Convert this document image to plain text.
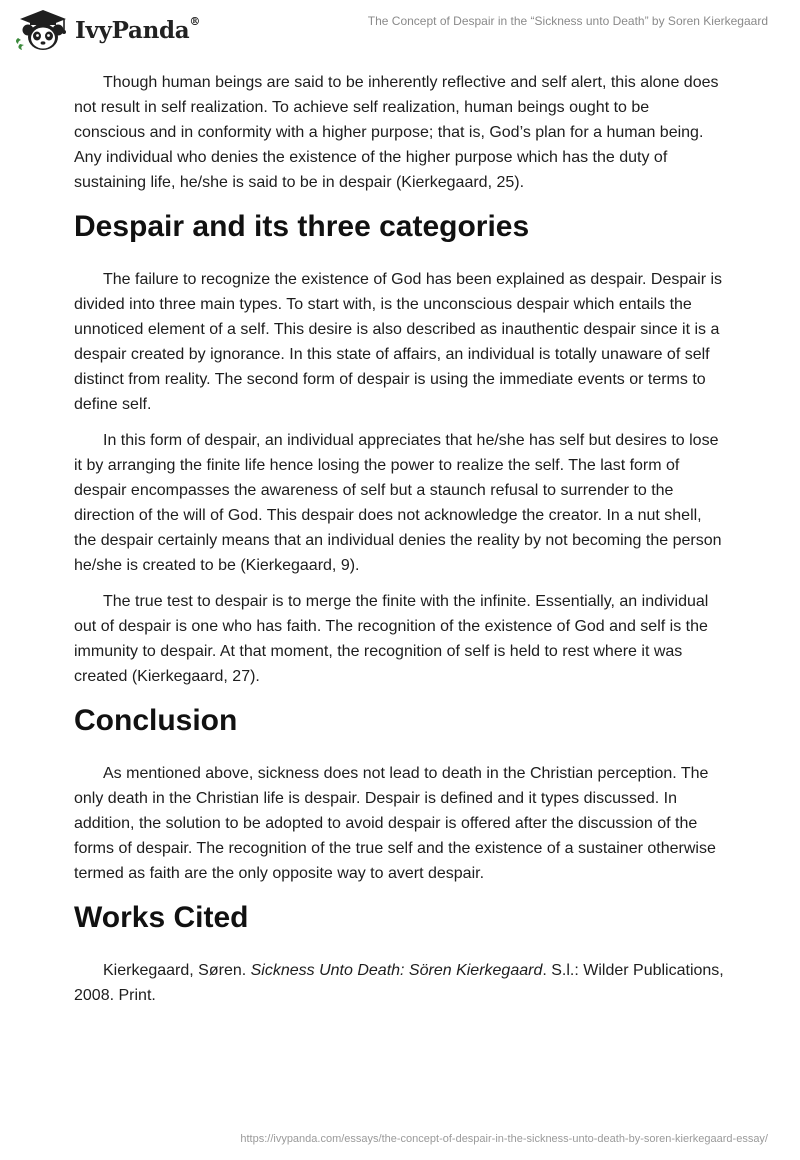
IvyPanda®	The Concept of Despair in the “Sickness unto Death” by Soren Kierkegaard

Though human beings are said to be inherently reflective and self alert, this alone does not result in self realization. To achieve self realization, human beings ought to be conscious and in conformity with a higher purpose; that is, God’s plan for a human being. Any individual who denies the existence of the higher purpose which has the duty of sustaining life, he/she is said to be in despair (Kierkegaard, 25).

Despair and its three categories

The failure to recognize the existence of God has been explained as despair. Despair is divided into three main types. To start with, is the unconscious despair which entails the unnoticed element of a self. This desire is also described as inauthentic despair since it is a despair created by ignorance. In this state of affairs, an individual is totally unaware of self distinct from reality. The second form of despair is using the immediate events or terms to define self.

In this form of despair, an individual appreciates that he/she has self but desires to lose it by arranging the finite life hence losing the power to realize the self. The last form of despair encompasses the awareness of self but a staunch refusal to surrender to the direction of the will of God. This despair does not acknowledge the creator. In a nut shell, the despair certainly means that an individual denies the reality by not becoming the person he/she is created to be (Kierkegaard, 9).

The true test to despair is to merge the finite with the infinite. Essentially, an individual out of despair is one who has faith. The recognition of the existence of God and self is the immunity to despair. At that moment, the recognition of self is held to rest where it was created (Kierkegaard, 27).

Conclusion

As mentioned above, sickness does not lead to death in the Christian perception. The only death in the Christian life is despair. Despair is defined and it types discussed. In addition, the solution to be adopted to avoid despair is offered after the discussion of the forms of despair. The recognition of the true self and the existence of a sustainer otherwise termed as faith are the only opposite way to avert despair.

Works Cited

Kierkegaard, Søren. Sickness Unto Death: Sören Kierkegaard. S.l.: Wilder Publications, 2008. Print.

https://ivypanda.com/essays/the-concept-of-despair-in-the-sickness-unto-death-by-soren-kierkegaard-essay/
